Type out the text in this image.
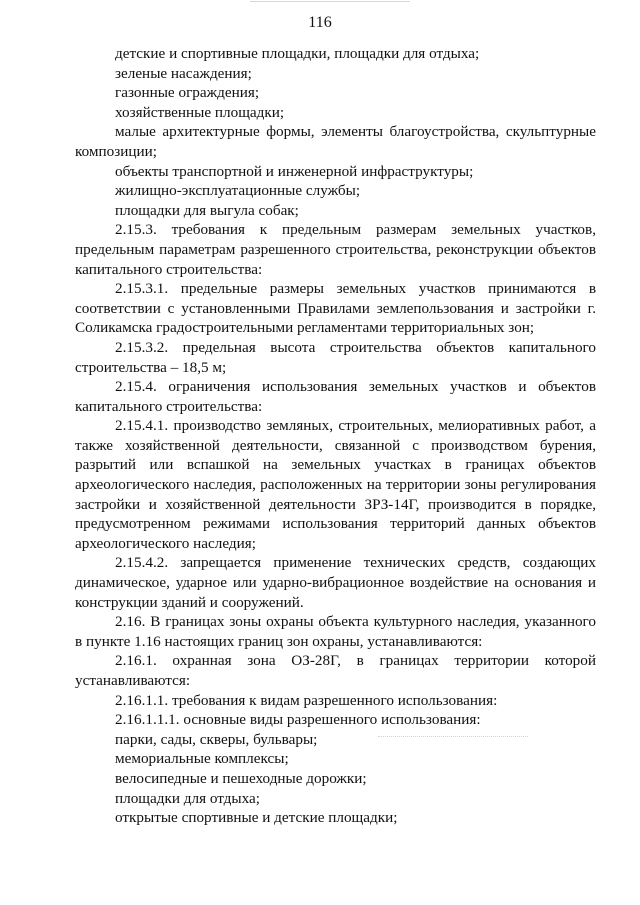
116

детские и спортивные площадки, площадки для отдыха;

зеленые насаждения;

газонные ограждения;

хозяйственные площадки;

малые архитектурные формы, элементы благоустройства, скульптурные композиции;

объекты транспортной и инженерной инфраструктуры;

жилищно-эксплуатационные службы;

площадки для выгула собак;

2.15.3. требования к предельным размерам земельных участков, предельным параметрам разрешенного строительства, реконструкции объектов капитального строительства:

2.15.3.1. предельные размеры земельных участков принимаются в соответствии с установленными Правилами землепользования и застройки г. Соликамска градостроительными регламентами территориальных зон;

2.15.3.2. предельная высота строительства объектов капитального строительства – 18,5 м;

2.15.4. ограничения использования земельных участков и объектов капитального строительства:

2.15.4.1. производство земляных, строительных, мелиоративных работ, а также хозяйственной деятельности, связанной с производством бурения, разрытий или вспашкой на земельных участках в границах объектов археологического наследия, расположенных на территории зоны регулирования застройки и хозяйственной деятельности ЗРЗ-14Г, производится в порядке, предусмотренном режимами использования территорий данных объектов археологического наследия;

2.15.4.2. запрещается применение технических средств, создающих динамическое, ударное или ударно-вибрационное воздействие на основания и конструкции зданий и сооружений.

2.16. В границах зоны охраны объекта культурного наследия, указанного в пункте 1.16 настоящих границ зон охраны, устанавливаются:

2.16.1. охранная зона ОЗ-28Г, в границах территории которой устанавливаются:

2.16.1.1. требования к видам разрешенного использования:

2.16.1.1.1. основные виды разрешенного использования:

парки, сады, скверы, бульвары;

мемориальные комплексы;

велосипедные и пешеходные дорожки;

площадки для отдыха;

открытые спортивные и детские площадки;
